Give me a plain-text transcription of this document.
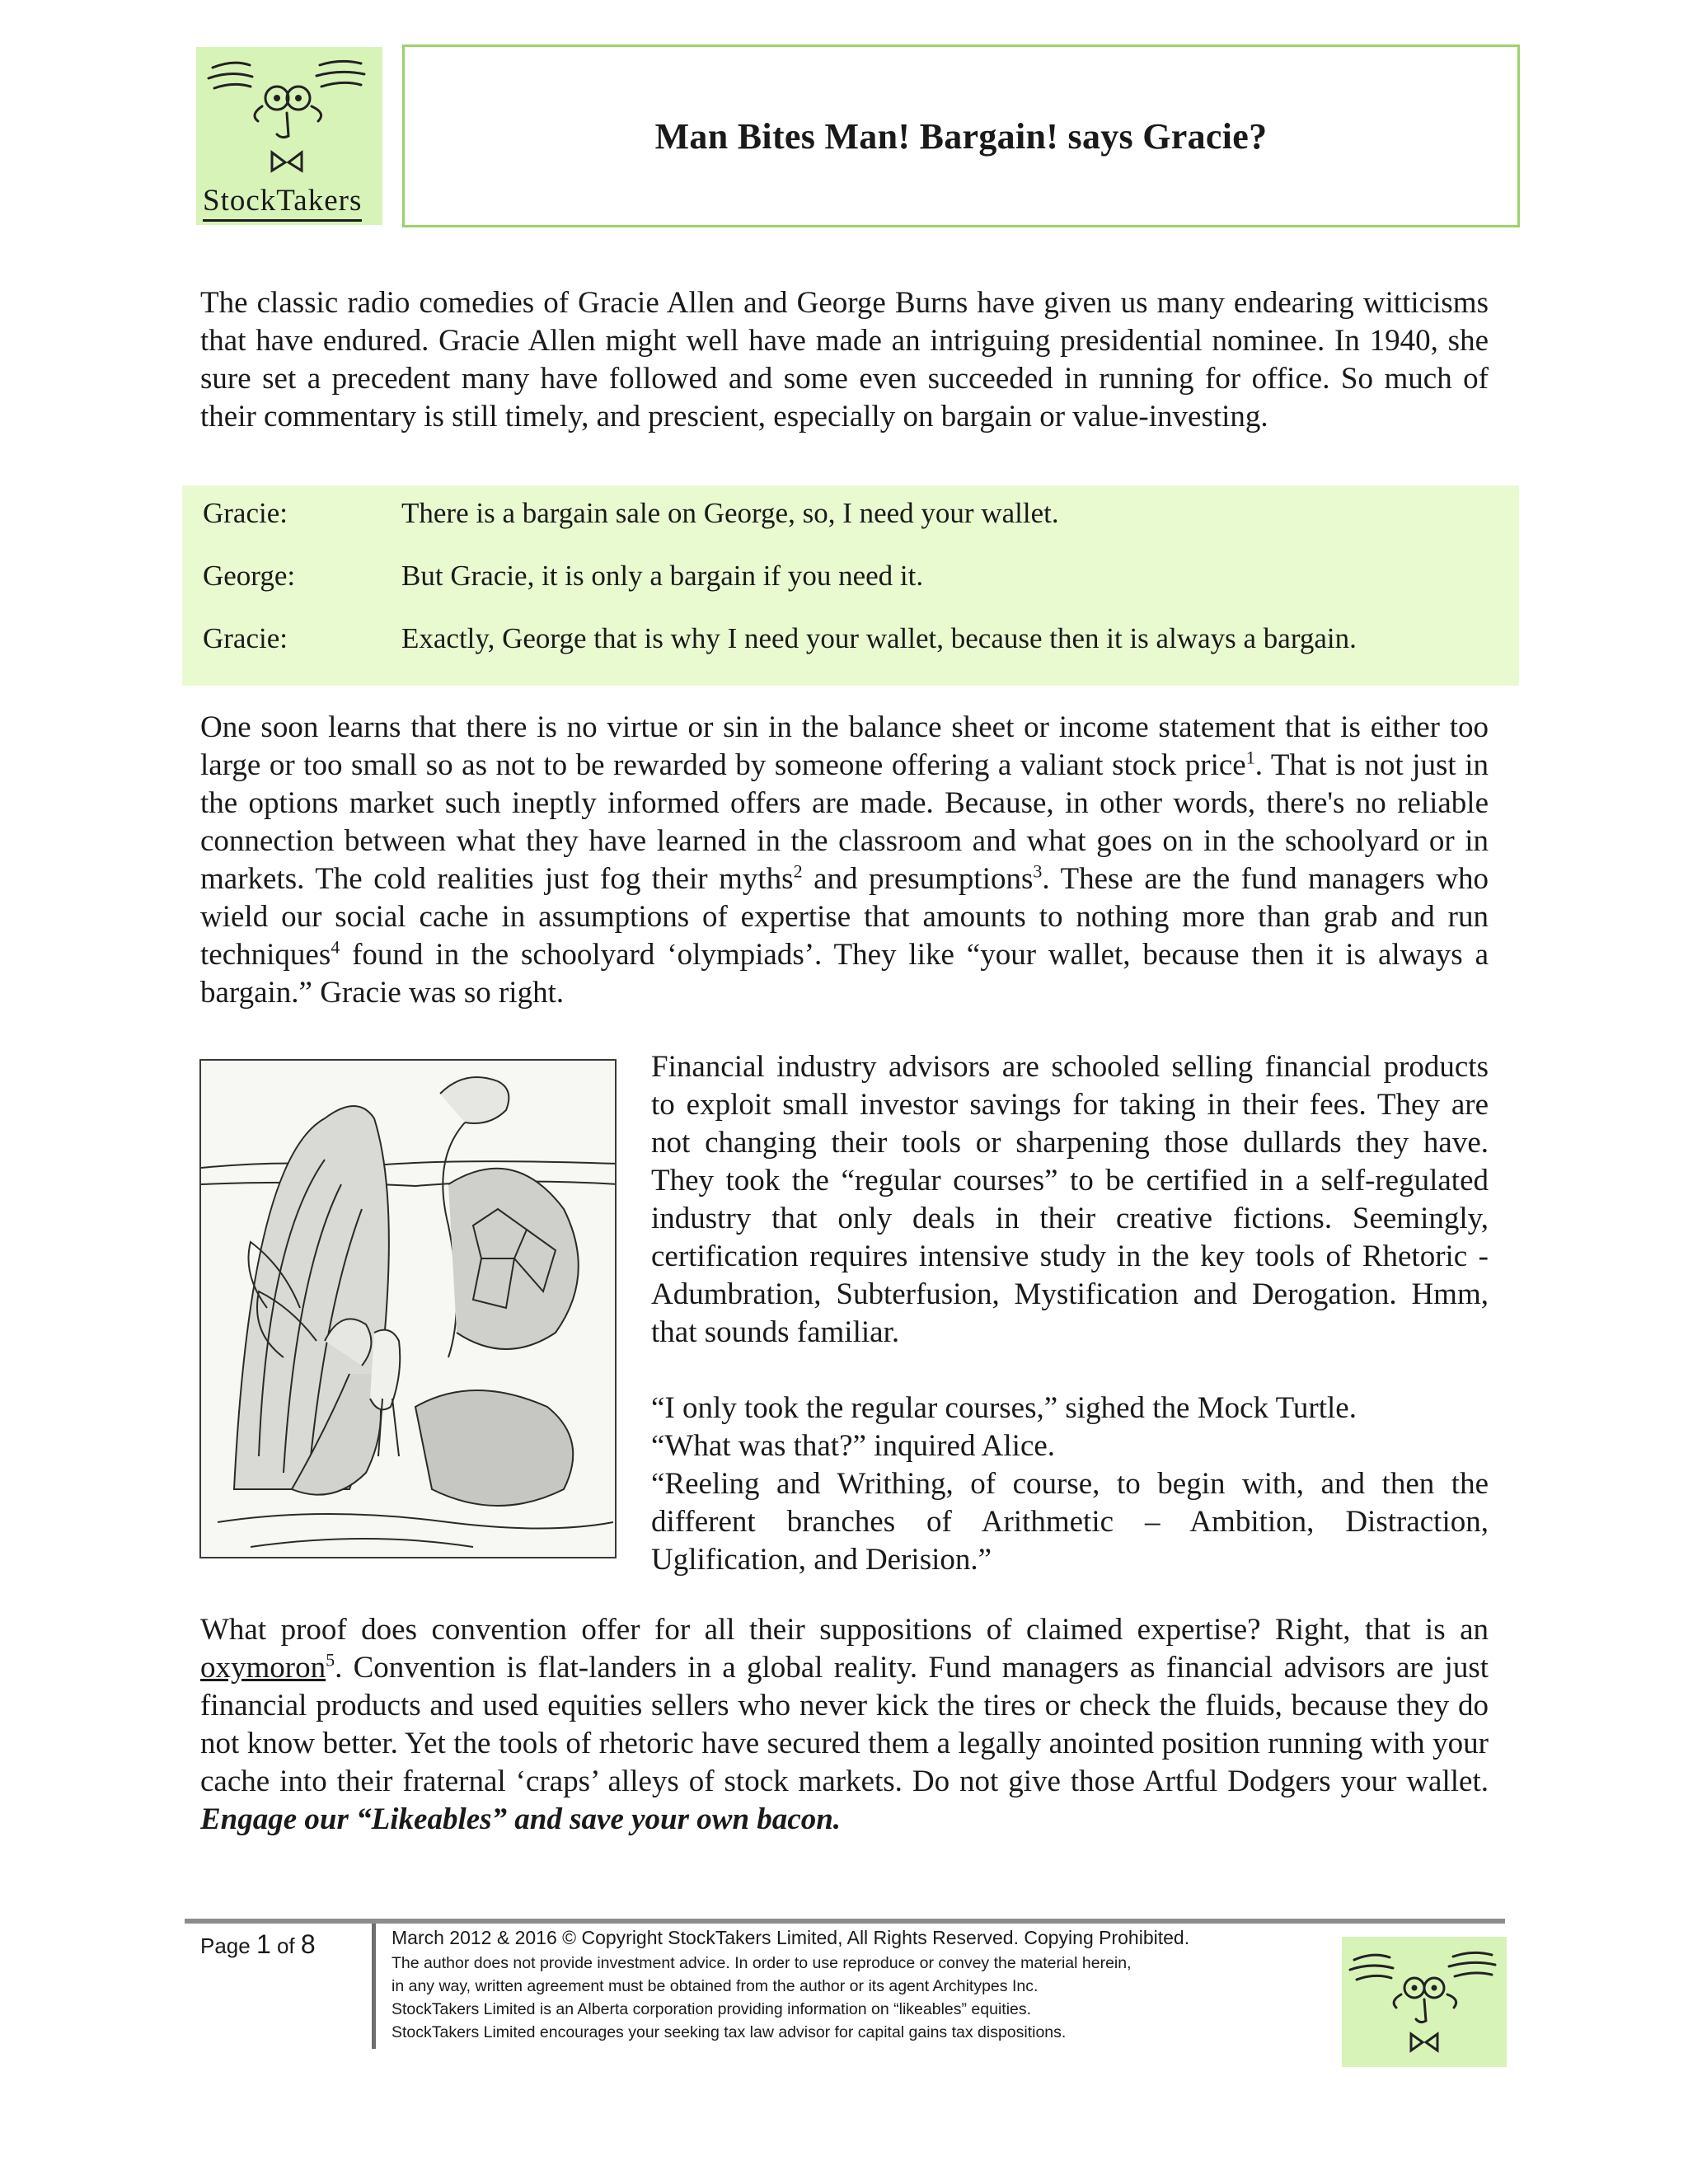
StockTakers
Man Bites Man! Bargain! says Gracie?
The classic radio comedies of Gracie Allen and George Burns have given us many endearing witticisms that have endured. Gracie Allen might well have made an intriguing presidential nominee. In 1940, she sure set a precedent many have followed and some even succeeded in running for office. So much of their commentary is still timely, and prescient, especially on bargain or value-investing.
Gracie:	There is a bargain sale on George, so, I need your wallet.
George:	But Gracie, it is only a bargain if you need it.
Gracie:	Exactly, George that is why I need your wallet, because then it is always a bargain.
One soon learns that there is no virtue or sin in the balance sheet or income statement that is either too large or too small so as not to be rewarded by someone offering a valiant stock price$^1$. That is not just in the options market such ineptly informed offers are made. Because, in other words, there's no reliable connection between what they have learned in the classroom and what goes on in the schoolyard or in markets. The cold realities just fog their myths$^2$ and presumptions$^3$. These are the fund managers who wield our social cache in assumptions of expertise that amounts to nothing more than grab and run techniques$^4$ found in the schoolyard ‘olympiads’. They like “your wallet, because then it is always a bargain.” Gracie was so right.
Financial industry advisors are schooled selling financial products to exploit small investor savings for taking in their fees. They are not changing their tools or sharpening those dullards they have. They took the “regular courses” to be certified in a self-regulated industry that only deals in their creative fictions. Seemingly, certification requires intensive study in the key tools of Rhetoric - Adumbration, Subterfusion, Mystification and Derogation. Hmm, that sounds familiar.
“I only took the regular courses,” sighed the Mock Turtle.
“What was that?” inquired Alice.
“Reeling and Writhing, of course, to begin with, and then the different branches of Arithmetic – Ambition, Distraction, Uglification, and Derision.”
What proof does convention offer for all their suppositions of claimed expertise? Right, that is an oxymoron$^5$. Convention is flat-landers in a global reality. Fund managers as financial advisors are just financial products and used equities sellers who never kick the tires or check the fluids, because they do not know better. Yet the tools of rhetoric have secured them a legally anointed position running with your cache into their fraternal ‘craps’ alleys of stock markets. Do not give those Artful Dodgers your wallet. Engage our “Likeables” and save your own bacon.
Page 1 of 8	March 2012 & 2016 © Copyright StockTakers Limited, All Rights Reserved. Copying Prohibited.
The author does not provide investment advice. In order to use reproduce or convey the material herein,
in any way, written agreement must be obtained from the author or its agent Architypes Inc.
StockTakers Limited is an Alberta corporation providing information on “likeables” equities.
StockTakers Limited encourages your seeking tax law advisor for capital gains tax dispositions.
